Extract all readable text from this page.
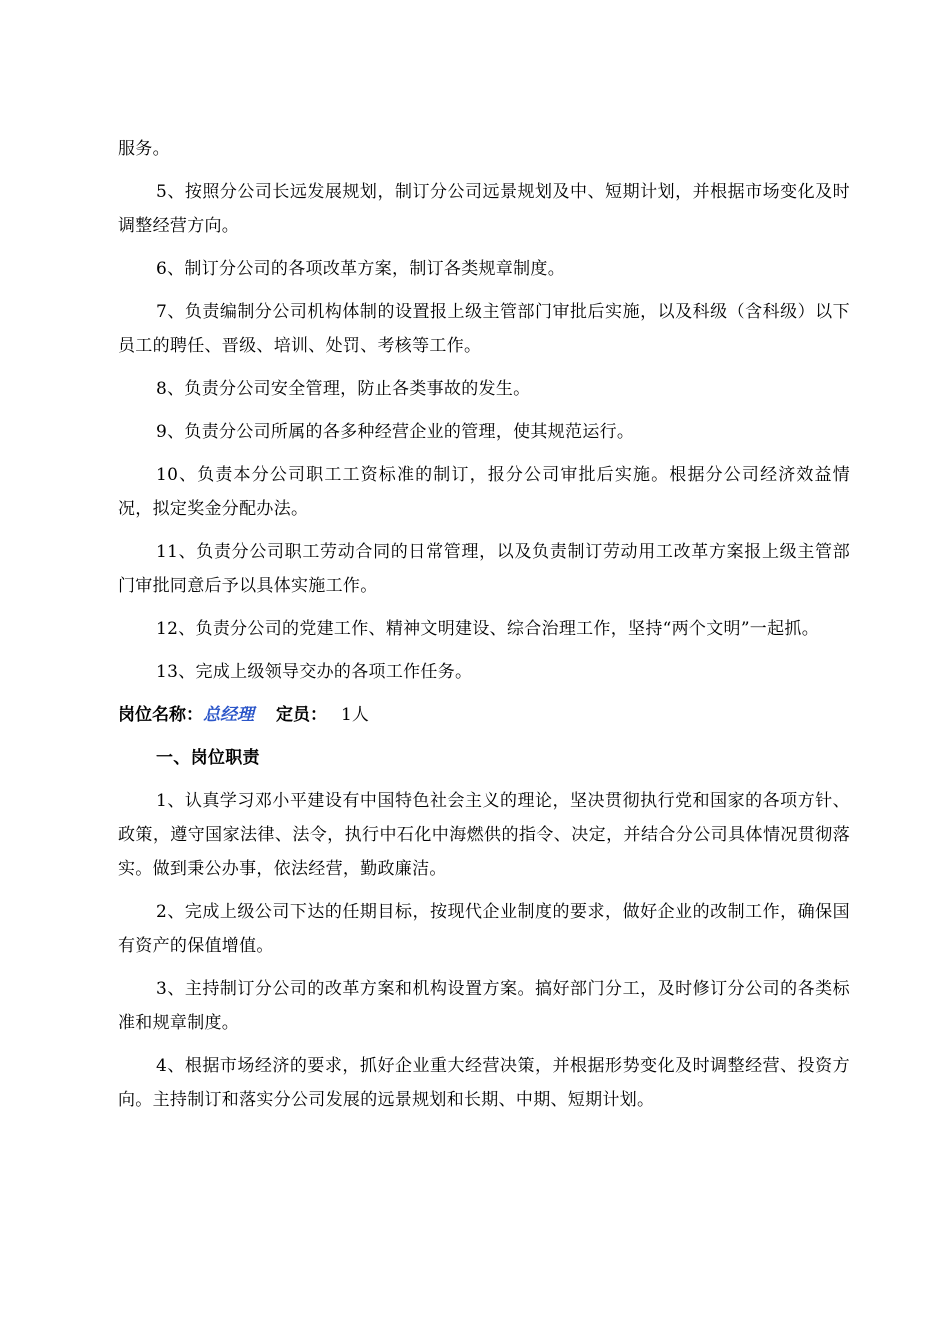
服务。

5、按照分公司长远发展规划，制订分公司远景规划及中、短期计划，并根据市场变化及时调整经营方向。

6、制订分公司的各项改革方案，制订各类规章制度。

7、负责编制分公司机构体制的设置报上级主管部门审批后实施，以及科级（含科级）以下员工的聘任、晋级、培训、处罚、考核等工作。

8、负责分公司安全管理，防止各类事故的发生。

9、负责分公司所属的各多种经营企业的管理，使其规范运行。

10、负责本分公司职工工资标准的制订，报分公司审批后实施。根据分公司经济效益情况，拟定奖金分配办法。

11、负责分公司职工劳动合同的日常管理，以及负责制订劳动用工改革方案报上级主管部门审批同意后予以具体实施工作。

12、负责分公司的党建工作、精神文明建设、综合治理工作，坚持“两个文明”一起抓。

13、完成上级领导交办的各项工作任务。

岗位名称：总经理 定员： 1人

一、岗位职责

1、认真学习邓小平建设有中国特色社会主义的理论，坚决贯彻执行党和国家的各项方针、政策，遵守国家法律、法令，执行中石化中海燃供的指令、决定，并结合分公司具体情况贯彻落实。做到秉公办事，依法经营，勤政廉洁。

2、完成上级公司下达的任期目标，按现代企业制度的要求，做好企业的改制工作，确保国有资产的保值增值。

3、主持制订分公司的改革方案和机构设置方案。搞好部门分工，及时修订分公司的各类标准和规章制度。

4、根据市场经济的要求，抓好企业重大经营决策，并根据形势变化及时调整经营、投资方向。主持制订和落实分公司发展的远景规划和长期、中期、短期计划。
